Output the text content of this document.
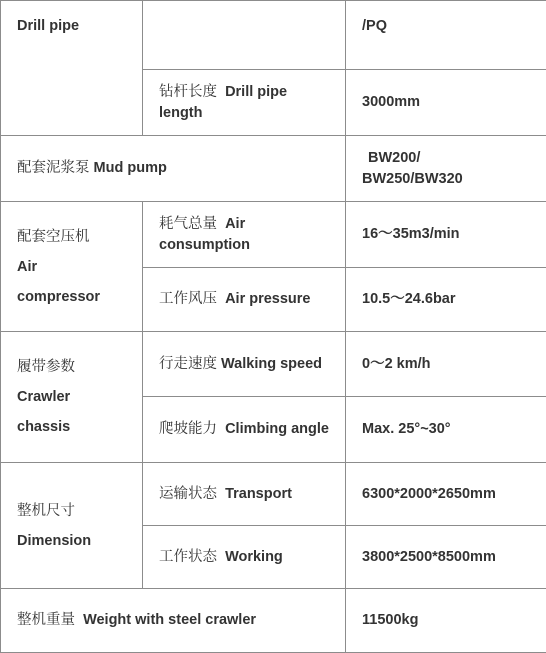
Drill pipe		/PQ
	钻杆长度 Drill pipe length	3000mm
配套泥浆泵 Mud pump		BW200/
BW250/BW320

配套空压机
Air
compressor	耗气总量 Air consumption	16～35m3/min
	工作风压 Air pressure	10.5～24.6bar

履带参数
Crawler
chassis	行走速度 Walking speed	0～2 km/h
	爬坡能力 Climbing angle	Max. 25°~30°

整机尺寸
Dimension	运输状态 Transport	6300*2000*2650mm
	工作状态 Working	3800*2500*8500mm
整机重量 Weight with steel crawler		11500kg
